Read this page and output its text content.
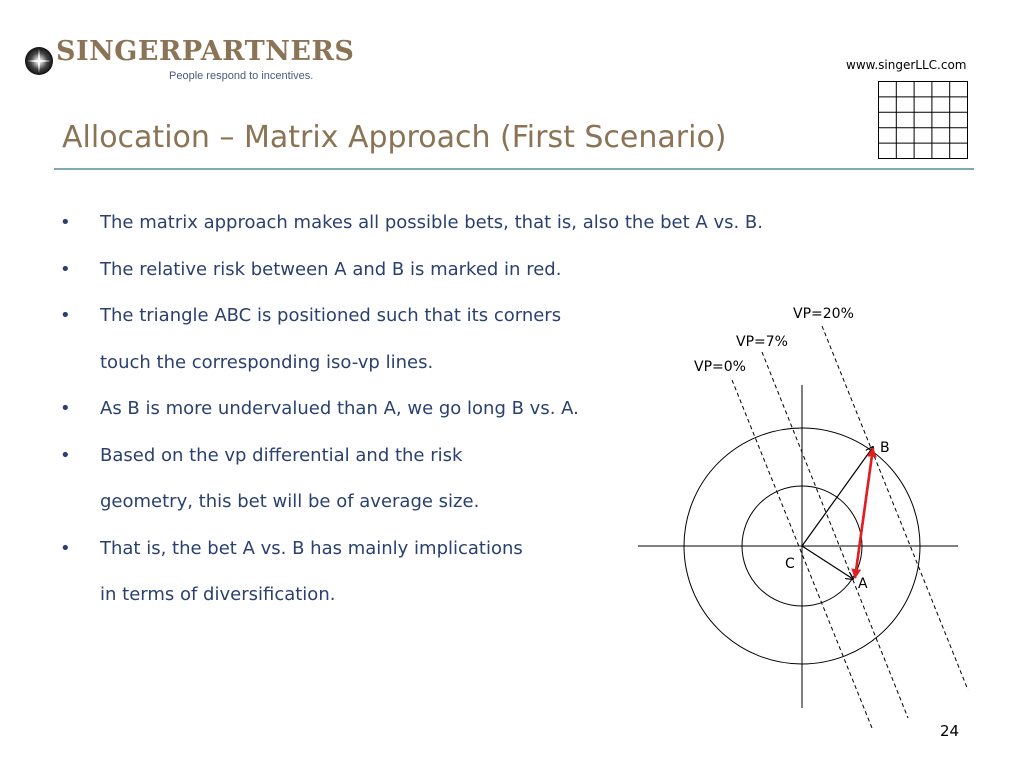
SINGERPARTNERS
People respond to incentives.
www.singerLLC.com
Allocation – Matrix Approach (First Scenario)
• The matrix approach makes all possible bets, that is, also the bet A vs. B.
• The relative risk between A and B is marked in red.
• The triangle ABC is positioned such that its corners
touch the corresponding iso-vp lines.
• As B is more undervalued than A, we go long B vs. A.
• Based on the vp differential and the risk
geometry, this bet will be of average size.
• That is, the bet A vs. B has mainly implications
in terms of diversification.
VP=0%
VP=7%
VP=20%
B
C
A
24
